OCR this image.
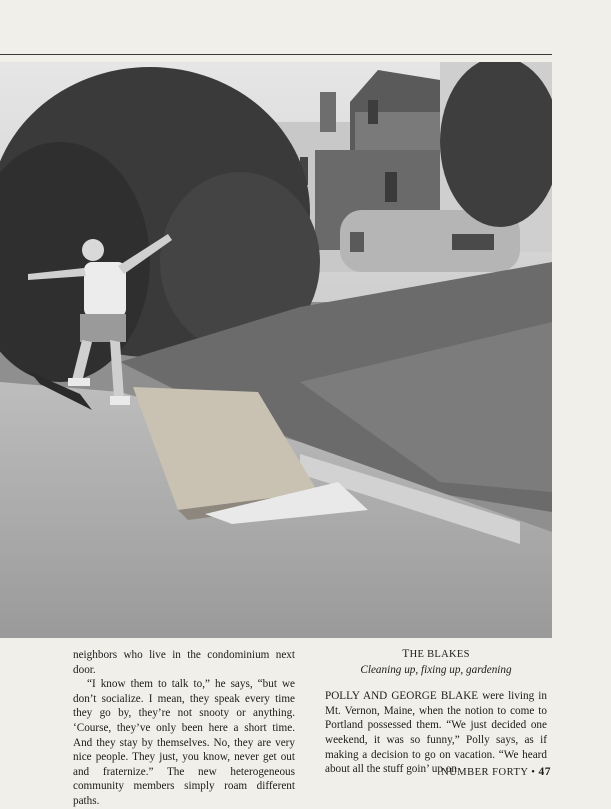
neighbors who live in the condominium next door.

“I know them to talk to,” he says, “but we don’t socialize. I mean, they speak every time they go by, they’re not snooty or anything. ‘Course, they’ve only been here a short time. And they stay by themselves. No, they are very nice people. They just, you know, never get out and fraternize.” The new heterogeneous community members simply roam different paths.

THE BLAKES
Cleaning up, fixing up, gardening

POLLY AND GEORGE BLAKE were living in Mt. Vernon, Maine, when the notion to come to Portland possessed them. “We just decided one weekend, it was so funny,” Polly says, as if making a decision to go on vacation. “We heard about all the stuff goin’ up on

NUMBER FORTY • 47
